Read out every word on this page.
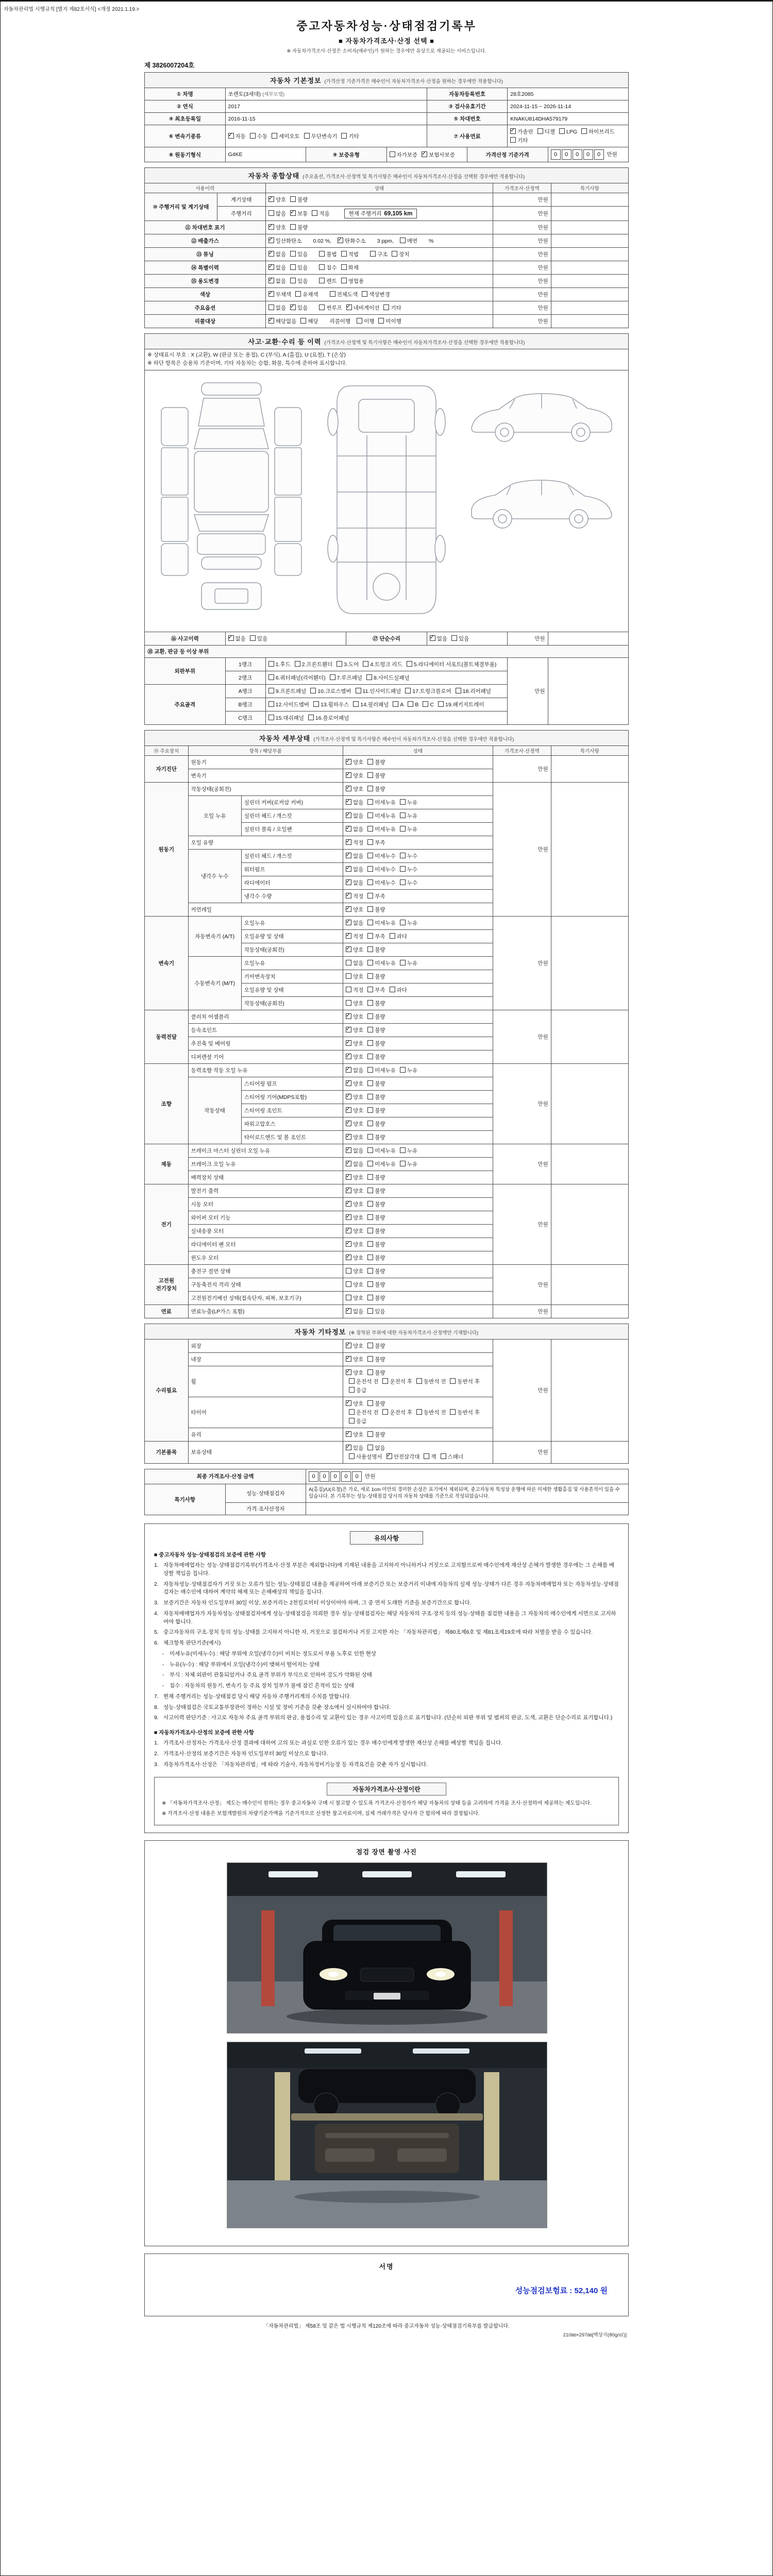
자동차관리법 시행규칙 [별지 제82호서식] <개정 2021.1.19.>
중고자동차성능·상태점검기록부
■ 자동차가격조사·산정 선택 ■
※ 자동차가격조사·산정은 소비자(매수인)가 원하는 경우에만 유상으로 제공되는 서비스입니다.
제 3826007204호
자동차 기본정보 (가격산정 기준가격은 매수인이 자동차가격조사·산정을 원하는 경우에만 적용합니다)							
① 차명	쏘렌토(3세대) (세부모델)			자동차등록번호		28호2085	
② 연식	2017			③ 검사유효기간		2024-11-15 ~ 2026-11-14	
④ 최초등록일	2016-11-15			⑤ 차대번호		KNAKU814DHA579179	
⑥ 변속기종류	✓자동 수동 세미오토 무단변속기 기타			⑦ 사용연료	✓가솔린 디젤 LPG 하이브리드기타
⑧ 원동기형식	G4KE	⑨ 보증유형	자가보증 ✓ 보험사보증		가격산정 기준가격		0 0 0 0 0 만원
자동차 종합상태 (주요옵션, 가격조사·산정액 및 특기사항은 매수인이 자동차가격조사·산정을 선택한 경우에만 적용합니다)				
사용이력		상태	가격조사·산정액	특기사항
⑩ 주행거리 및 계기상태	계기상태	✓양호 불량	만원	
	주행거리	많음 ✓ 보통 적음 현재 주행거리 69,105 km	만원	
⑪ 차대번호 표기	✓양호 불량	만원	
⑫ 배출가스	✓일산화탄소 0.02 %, ✓ 탄화수소 3 ppm, 매연 %	만원	
⑬ 튜닝	✓없음 있음 불법 적법 구조 장치	만원	
⑭ 특별이력	✓없음 있음 침수 화재	만원	
⑮ 용도변경	✓없음 있음 렌트 영업용	만원	
색상	✓무채색 유채색 전체도색 색상변경	만원	
주요옵션		없음 ✓ 있음 썬루프 ✓ 네비게이션 기타	만원	
리콜대상	✓해당없음 해당 리콜이행 이행 미이행	만원	
사고·교환·수리 등 이력 (가격조사·산정액 및 특기사항은 매수인이 자동차가격조사·산정을 선택한 경우에만 적용합니다)						

※ 상태표시 부호 : X (교환), W (판금 또는 용접), C (부식), A (흠집), U (요철), T (손상)
※ 하단 항목은 승용차 기준이며, 기타 자동차는 승합, 화물, 특수에 준하여 표시합니다.						

⑯ 사고이력	✓없음 있음		⑰ 단순수리	✓없음 있음	만원	
⑱ 교환, 판금 등 이상 부위						
외판부위	1랭크	1.후드 2.프론트휀더 3.도어 4.트렁크 리드 5.라디에이터 서포트(볼트체결부품)			만원	
	2랭크	6.쿼터패널(리어휀더) 7.루프패널 8.사이드실패널				
주요골격	A랭크	9.프론트패널 10.크로스멤버 11.인사이드패널 17.트렁크플로어 18.리어패널				
	B랭크	12.사이드멤버 13.휠하우스 14.필러패널 A B C 19.패키지트레이				
	C랭크	15.대쉬패널 16.플로어패널				
자동차 세부상태 (가격조사·산정액 및 특기사항은 매수인이 자동차가격조사·산정을 선택한 경우에만 적용합니다)					
⑲ 주요장치	항목 / 해당부품		상태	가격조사·산정액	특기사항
자기진단	원동기	✓양호 불량	만원	
	변속기	✓양호 불량
원동기	작동상태(공회전)	✓양호 불량	만원	
	오일 누유	실린더 커버(로커암 커버)	✓없음 미세누유 누유
		실린더 헤드 / 개스킷	✓없음 미세누유 누유
		실린더 블록 / 오일팬	✓없음 미세누유 누유
	오일 유량	✓적정 부족
	냉각수 누수	실린더 헤드 / 개스킷	✓없음 미세누수 누수
		워터펌프	✓없음 미세누수 누수
		라디에이터	✓없음 미세누수 누수
		냉각수 수량	✓적정 부족
	커먼레일	✓양호 불량
변속기	자동변속기 (A/T)	오일누유	✓없음 미세누유 누유	만원	
		오일유량 및 상태	✓적정 부족 과다
		작동상태(공회전)	✓양호 불량
	수동변속기 (M/T)	오일누유	없음 미세누유 누유		
		기어변속장치	양호 불량		
		오일유량 및 상태	적정 부족 과다		
		작동상태(공회전)	양호 불량		
동력전달	클러치 어셈블리	✓양호 불량	만원	
	등속조인트	✓양호 불량
	추진축 및 베어링	✓양호 불량
	디퍼렌셜 기어	✓양호 불량
조향	동력조향 작동 오일 누유	✓없음 미세누유 누유	만원	
	작동상태	스티어링 펌프	✓양호 불량
		스티어링 기어(MDPS포함)	✓양호 불량
		스티어링 조인트	✓양호 불량
		파워고압호스	✓양호 불량
		타이로드엔드 및 볼 조인트	✓양호 불량
제동	브레이크 마스터 실린더 오일 누유	✓없음 미세누유 누유	만원	
	브레이크 오일 누유	✓없음 미세누유 누유
	배력장치 상태	✓양호 불량
전기	발전기 출력	✓양호 불량	만원	
	시동 모터	✓양호 불량
	와이퍼 모터 기능	✓양호 불량
	실내송풍 모터	✓양호 불량
	라디에이터 팬 모터	✓양호 불량
	윈도우 모터	✓양호 불량
고전원 전기장치	충전구 절연 상태		양호 불량	만원	
	구동축전지 격리 상태		양호 불량		
	고전원전기배선 상태(접속단자, 피복, 보호기구)		양호 불량		
연료	연료누출(LP가스 포함)	✓없음 있음	만원	
자동차 기타정보 (※ 장착된 부위에 대한 자동차가격조사·산정액만 기재합니다)				
수리필요	외장	✓양호 불량	만원	
	내장	✓양호 불량
	휠	✓양호 불량운전석 전 운전석 후 동반석 전 동반석 후응급
	타이어	✓양호 불량운전석 전 운전석 후 동반석 전 동반석 후응급
	유리	✓양호 불량
기본품목	보유상태	✓있음 없음사용설명서 ✓ 안전삼각대 잭 스패너	만원	
최종 가격조사·산정 금액		0 0 0 0 0 만원
특기사항	성능·상태점검자	A(흠집)/U(요철)은 가로, 세로 1cm 미만의 경미한 손상은 표기에서 제외되며, 중고자동차 특성상 운행에 따른 미세한 생활흠집 및 사용흔적이 있을 수 있습니다. 본 기록부는 성능·상태점검 당시의 자동차 상태를 기준으로 작성되었습니다.
	가격·조사산정자	
유의사항
■ 중고자동차 성능·상태점검의 보증에 관한 사항
1. 자동차매매업자는 성능·상태점검기록부(가격조사·산정 부분은 제외합니다)에 기재된 내용을 고지하지 아니하거나 거짓으로 고지함으로써 매수인에게 재산상 손해가 발생한 경우에는 그 손해를 배상할 책임을 집니다.
2. 자동차성능·상태점검자가 거짓 또는 오류가 있는 성능·상태점검 내용을 제공하여 아래 보증기간 또는 보증거리 이내에 자동차의 실제 성능·상태가 다른 경우 자동차매매업자 또는 자동차성능·상태점검자는 매수인에 대하여 계약의 해제 또는 손해배상의 책임을 집니다.
3. 보증기간은 자동차 인도일부터 30일 이상, 보증거리는 2천킬로미터 이상이어야 하며, 그 중 먼저 도래한 기준을 보증기간으로 합니다.
4. 자동차매매업자가 자동차성능·상태점검자에게 성능·상태점검을 의뢰한 경우 성능·상태점검자는 해당 자동차의 구조·장치 등의 성능·상태를 점검한 내용을 그 자동차의 매수인에게 서면으로 고지하여야 합니다.
5. 중고자동차의 구조·장치 등의 성능·상태를 고지하지 아니한 자, 거짓으로 점검하거나 거짓 고지한 자는 「자동차관리법」 제80조제6호 및 제81조제19호에 따라 처벌을 받을 수 있습니다.
6. 체크항목 판단기준(예시)
-	미세누유(미세누수) : 해당 부위에 오일(냉각수)이 비치는 정도로서 부품 노후로 인한 현상
-	누유(누수) : 해당 부위에서 오일(냉각수)이 맺혀서 떨어지는 상태
-	부식 : 차체 외판이 관통되었거나 주요 골격 부위가 부식으로 인하여 강도가 약화된 상태
-	침수 : 자동차의 원동기, 변속기 등 주요 장치 일부가 물에 잠긴 흔적이 있는 상태
7. 현재 주행거리는 성능·상태점검 당시 해당 자동차 주행거리계의 수치를 말합니다.
8. 성능·상태점검은 국토교통부장관이 정하는 시설 및 장비 기준을 갖춘 장소에서 실시하여야 합니다.
9. 사고이력 판단기준 : 사고로 자동차 주요 골격 부위의 판금, 용접수리 및 교환이 있는 경우 사고이력 있음으로 표기합니다. (단순히 외판 부위 및 범퍼의 판금, 도색, 교환은 단순수리로 표기합니다.)
■ 자동차가격조사·산정의 보증에 관한 사항
1. 가격조사·산정자는 가격조사·산정 결과에 대하여 고의 또는 과실로 인한 오류가 있는 경우 매수인에게 발생한 재산상 손해를 배상할 책임을 집니다.
2. 가격조사·산정의 보증기간은 자동차 인도일부터 30일 이상으로 합니다.
3. 자동차가격조사·산정은 「자동차관리법」에 따라 기술사, 자동차정비기능장 등 자격요건을 갖춘 자가 실시합니다.
자동차가격조사·산정이란
※ 「자동차가격조사·산정」 제도는 매수인이 원하는 경우 중고자동차 구매 시 참고할 수 있도록 가격조사·산정자가 해당 자동차의 상태 등을 고려하여 가격을 조사·산정하여 제공하는 제도입니다.
※ 가격조사·산정 내용은 보험개발원의 차량기준가액을 기준가격으로 산정한 참고자료이며, 실제 거래가격은 당사자 간 합의에 따라 결정됩니다.
점검 장면 촬영 사진
서명
성능점검보험료 : 52,140 원
「자동차관리법」 제58조 및 같은 법 시행규칙 제120조에 따라 중고자동차 성능·상태점검기록부를 발급합니다.
210㎜×297㎜[백상지(80g/㎡)]
